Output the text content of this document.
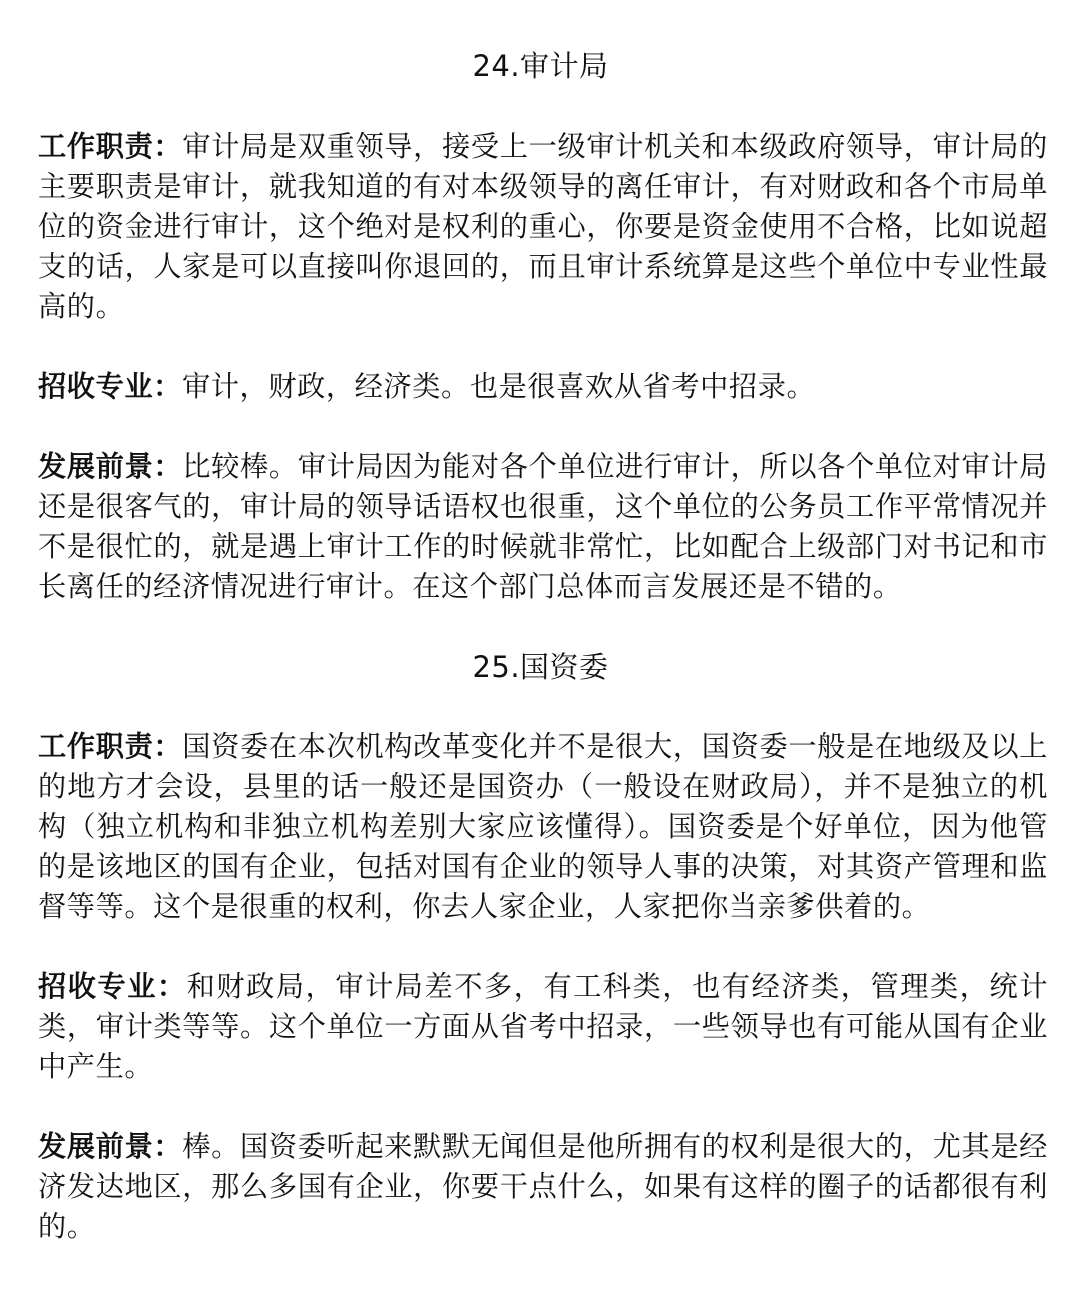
24.审计局

工作职责：审计局是双重领导，接受上一级审计机关和本级政府领导，审计局的主要职责是审计，就我知道的有对本级领导的离任审计，有对财政和各个市局单位的资金进行审计，这个绝对是权利的重心，你要是资金使用不合格，比如说超支的话，人家是可以直接叫你退回的，而且审计系统算是这些个单位中专业性最高的。

招收专业：审计，财政，经济类。也是很喜欢从省考中招录。

发展前景：比较棒。审计局因为能对各个单位进行审计，所以各个单位对审计局还是很客气的，审计局的领导话语权也很重，这个单位的公务员工作平常情况并不是很忙的，就是遇上审计工作的时候就非常忙，比如配合上级部门对书记和市长离任的经济情况进行审计。在这个部门总体而言发展还是不错的。

25.国资委

工作职责：国资委在本次机构改革变化并不是很大，国资委一般是在地级及以上的地方才会设，县里的话一般还是国资办（一般设在财政局），并不是独立的机构（独立机构和非独立机构差别大家应该懂得）。国资委是个好单位，因为他管的是该地区的国有企业，包括对国有企业的领导人事的决策，对其资产管理和监督等等。这个是很重的权利，你去人家企业，人家把你当亲爹供着的。

招收专业：和财政局，审计局差不多，有工科类，也有经济类，管理类，统计类，审计类等等。这个单位一方面从省考中招录，一些领导也有可能从国有企业中产生。

发展前景：棒。国资委听起来默默无闻但是他所拥有的权利是很大的，尤其是经济发达地区，那么多国有企业，你要干点什么，如果有这样的圈子的话都很有利的。
